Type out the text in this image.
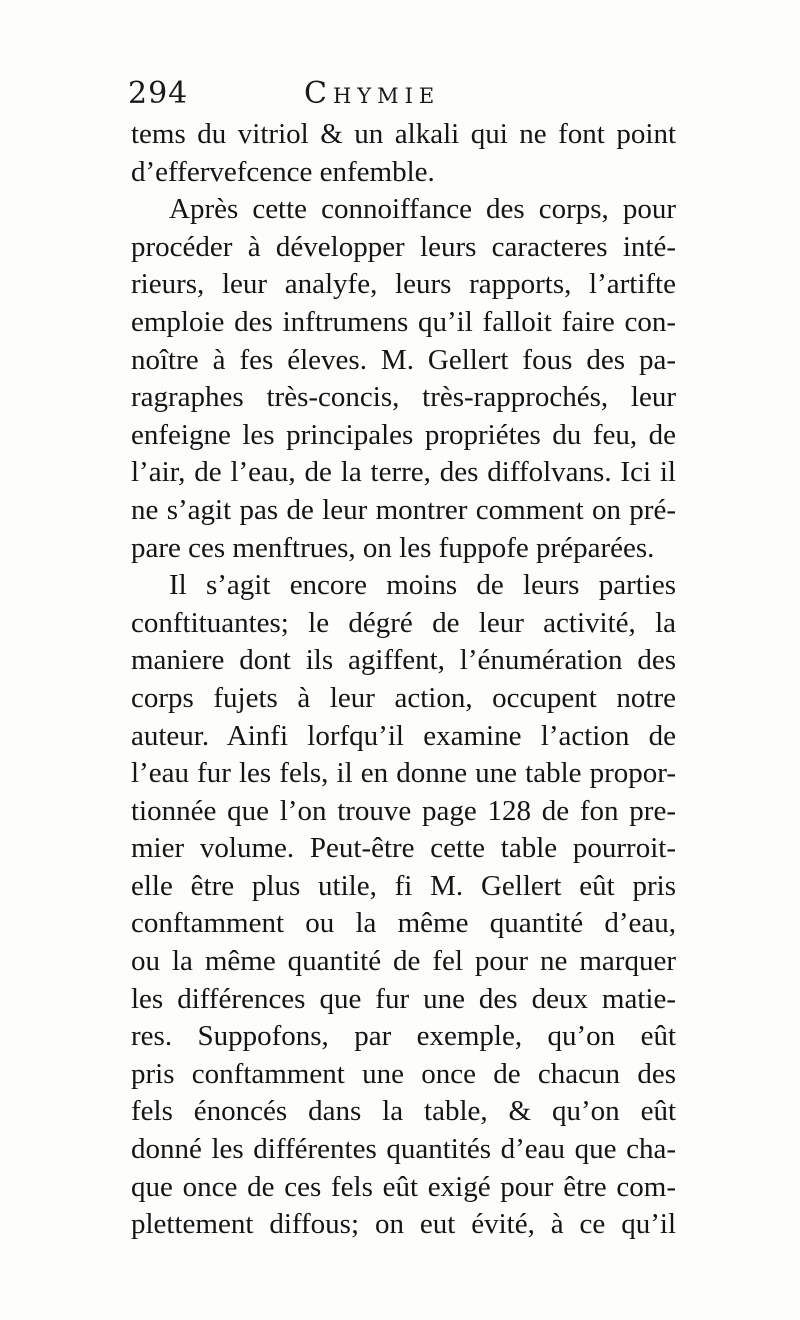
294	Chymie
tems du vitriol & un alkali qui ne font point
d’effervefcence enfemble.
Après cette connoiffance des corps, pour
procéder à développer leurs caracteres inté-
rieurs, leur analyfe, leurs rapports, l’artifte
emploie des inftrumens qu’il falloit faire con-
noître à fes éleves. M. Gellert fous des pa-
ragraphes très-concis, très-rapprochés, leur
enfeigne les principales propriétes du feu, de
l’air, de l’eau, de la terre, des diffolvans. Ici il
ne s’agit pas de leur montrer comment on pré-
pare ces menftrues, on les fuppofe préparées.
Il s’agit encore moins de leurs parties
conftituantes; le dégré de leur activité, la
maniere dont ils agiffent, l’énumération des
corps fujets à leur action, occupent notre
auteur. Ainfi lorfqu’il examine l’action de
l’eau fur les fels, il en donne une table propor-
tionnée que l’on trouve page 128 de fon pre-
mier volume. Peut-être cette table pourroit-
elle être plus utile, fi M. Gellert eût pris
conftamment ou la même quantité d’eau,
ou la même quantité de fel pour ne marquer
les différences que fur une des deux matie-
res. Suppofons, par exemple, qu’on eût
pris conftamment une once de chacun des
fels énoncés dans la table, & qu’on eût
donné les différentes quantités d’eau que cha-
que once de ces fels eût exigé pour être com-
plettement diffous; on eut évité, à ce qu’il
